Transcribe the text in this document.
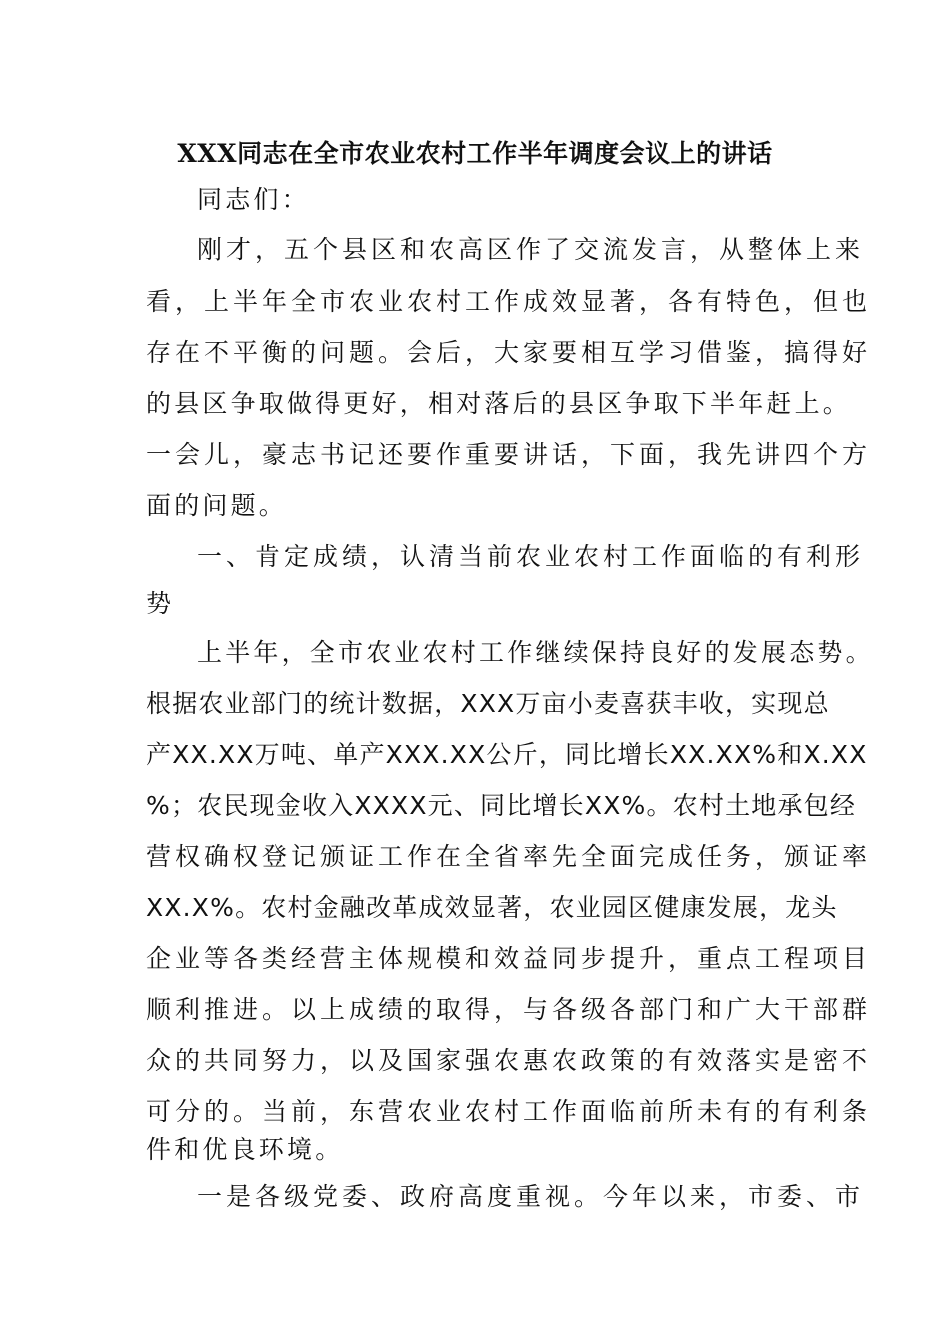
XXX同志在全市农业农村工作半年调度会议上的讲话
同志们：
刚才，五个县区和农高区作了交流发言，从整体上来
看，上半年全市农业农村工作成效显著，各有特色，但也
存在不平衡的问题。会后，大家要相互学习借鉴，搞得好
的县区争取做得更好，相对落后的县区争取下半年赶上。
一会儿，豪志书记还要作重要讲话，下面，我先讲四个方
面的问题。
一、肯定成绩，认清当前农业农村工作面临的有利形
势
上半年，全市农业农村工作继续保持良好的发展态势。
根据农业部门的统计数据，XXX万亩小麦喜获丰收，实现总
产XX.XX万吨、单产XXX.XX公斤，同比增长XX.XX%和X.XX
%；农民现金收入XXXX元、同比增长XX%。农村土地承包经
营权确权登记颁证工作在全省率先全面完成任务，颁证率
XX.X%。农村金融改革成效显著，农业园区健康发展，龙头
企业等各类经营主体规模和效益同步提升，重点工程项目
顺利推进。以上成绩的取得，与各级各部门和广大干部群
众的共同努力，以及国家强农惠农政策的有效落实是密不
可分的。当前，东营农业农村工作面临前所未有的有利条
件和优良环境。
一是各级党委、政府高度重视。今年以来，市委、市
